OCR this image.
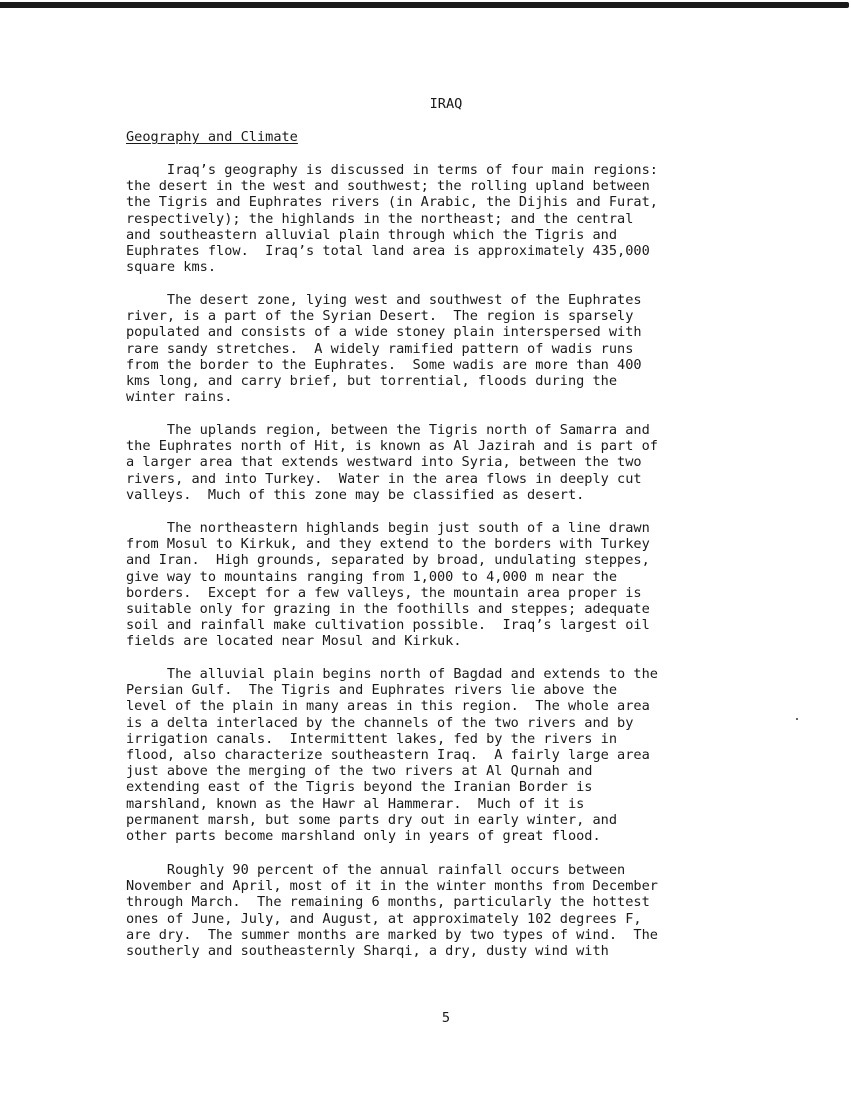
IRAQ
Geography and Climate
Iraq’s geography is discussed in terms of four main regions:
the desert in the west and southwest; the rolling upland between
the Tigris and Euphrates rivers (in Arabic, the Dijhis and Furat,
respectively); the highlands in the northeast; and the central
and southeastern alluvial plain through which the Tigris and
Euphrates flow.  Iraq’s total land area is approximately 435,000
square kms.
The desert zone, lying west and southwest of the Euphrates
river, is a part of the Syrian Desert.  The region is sparsely
populated and consists of a wide stoney plain interspersed with
rare sandy stretches.  A widely ramified pattern of wadis runs
from the border to the Euphrates.  Some wadis are more than 400
kms long, and carry brief, but torrential, floods during the
winter rains.
The uplands region, between the Tigris north of Samarra and
the Euphrates north of Hit, is known as Al Jazirah and is part of
a larger area that extends westward into Syria, between the two
rivers, and into Turkey.  Water in the area flows in deeply cut
valleys.  Much of this zone may be classified as desert.
The northeastern highlands begin just south of a line drawn
from Mosul to Kirkuk, and they extend to the borders with Turkey
and Iran.  High grounds, separated by broad, undulating steppes,
give way to mountains ranging from 1,000 to 4,000 m near the
borders.  Except for a few valleys, the mountain area proper is
suitable only for grazing in the foothills and steppes; adequate
soil and rainfall make cultivation possible.  Iraq’s largest oil
fields are located near Mosul and Kirkuk.
The alluvial plain begins north of Bagdad and extends to the
Persian Gulf.  The Tigris and Euphrates rivers lie above the
level of the plain in many areas in this region.  The whole area
is a delta interlaced by the channels of the two rivers and by
irrigation canals.  Intermittent lakes, fed by the rivers in
flood, also characterize southeastern Iraq.  A fairly large area
just above the merging of the two rivers at Al Qurnah and
extending east of the Tigris beyond the Iranian Border is
marshland, known as the Hawr al Hammerar.  Much of it is
permanent marsh, but some parts dry out in early winter, and
other parts become marshland only in years of great flood.
Roughly 90 percent of the annual rainfall occurs between
November and April, most of it in the winter months from December
through March.  The remaining 6 months, particularly the hottest
ones of June, July, and August, at approximately 102 degrees F,
are dry.  The summer months are marked by two types of wind.  The
southerly and southeasternly Sharqi, a dry, dusty wind with
5
